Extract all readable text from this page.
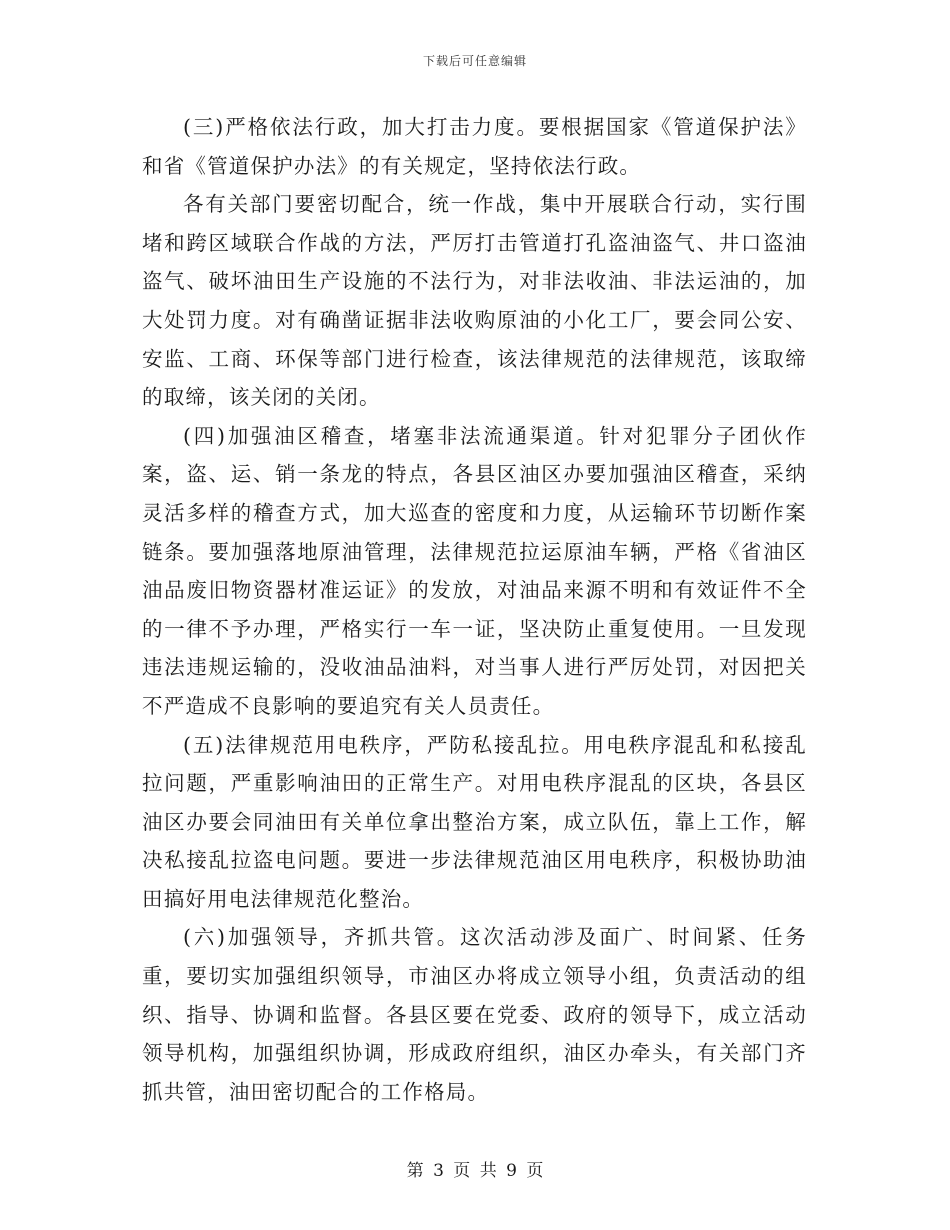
下载后可任意编辑

(三)严格依法行政，加大打击力度。要根据国家《管道保护法》和省《管道保护办法》的有关规定，坚持依法行政。

各有关部门要密切配合，统一作战，集中开展联合行动，实行围堵和跨区域联合作战的方法，严厉打击管道打孔盗油盗气、井口盗油盗气、破坏油田生产设施的不法行为，对非法收油、非法运油的，加大处罚力度。对有确凿证据非法收购原油的小化工厂，要会同公安、安监、工商、环保等部门进行检查，该法律规范的法律规范，该取缔的取缔，该关闭的关闭。

(四)加强油区稽查，堵塞非法流通渠道。针对犯罪分子团伙作案，盗、运、销一条龙的特点，各县区油区办要加强油区稽查，采纳灵活多样的稽查方式，加大巡查的密度和力度，从运输环节切断作案链条。要加强落地原油管理，法律规范拉运原油车辆，严格《省油区油品废旧物资器材准运证》的发放，对油品来源不明和有效证件不全的一律不予办理，严格实行一车一证，坚决防止重复使用。一旦发现违法违规运输的，没收油品油料，对当事人进行严厉处罚，对因把关不严造成不良影响的要追究有关人员责任。

(五)法律规范用电秩序，严防私接乱拉。用电秩序混乱和私接乱拉问题，严重影响油田的正常生产。对用电秩序混乱的区块，各县区油区办要会同油田有关单位拿出整治方案，成立队伍，靠上工作，解决私接乱拉盗电问题。要进一步法律规范油区用电秩序，积极协助油田搞好用电法律规范化整治。

(六)加强领导，齐抓共管。这次活动涉及面广、时间紧、任务重，要切实加强组织领导，市油区办将成立领导小组，负责活动的组织、指导、协调和监督。各县区要在党委、政府的领导下，成立活动领导机构，加强组织协调，形成政府组织，油区办牵头，有关部门齐抓共管，油田密切配合的工作格局。

第 3 页 共 9 页
